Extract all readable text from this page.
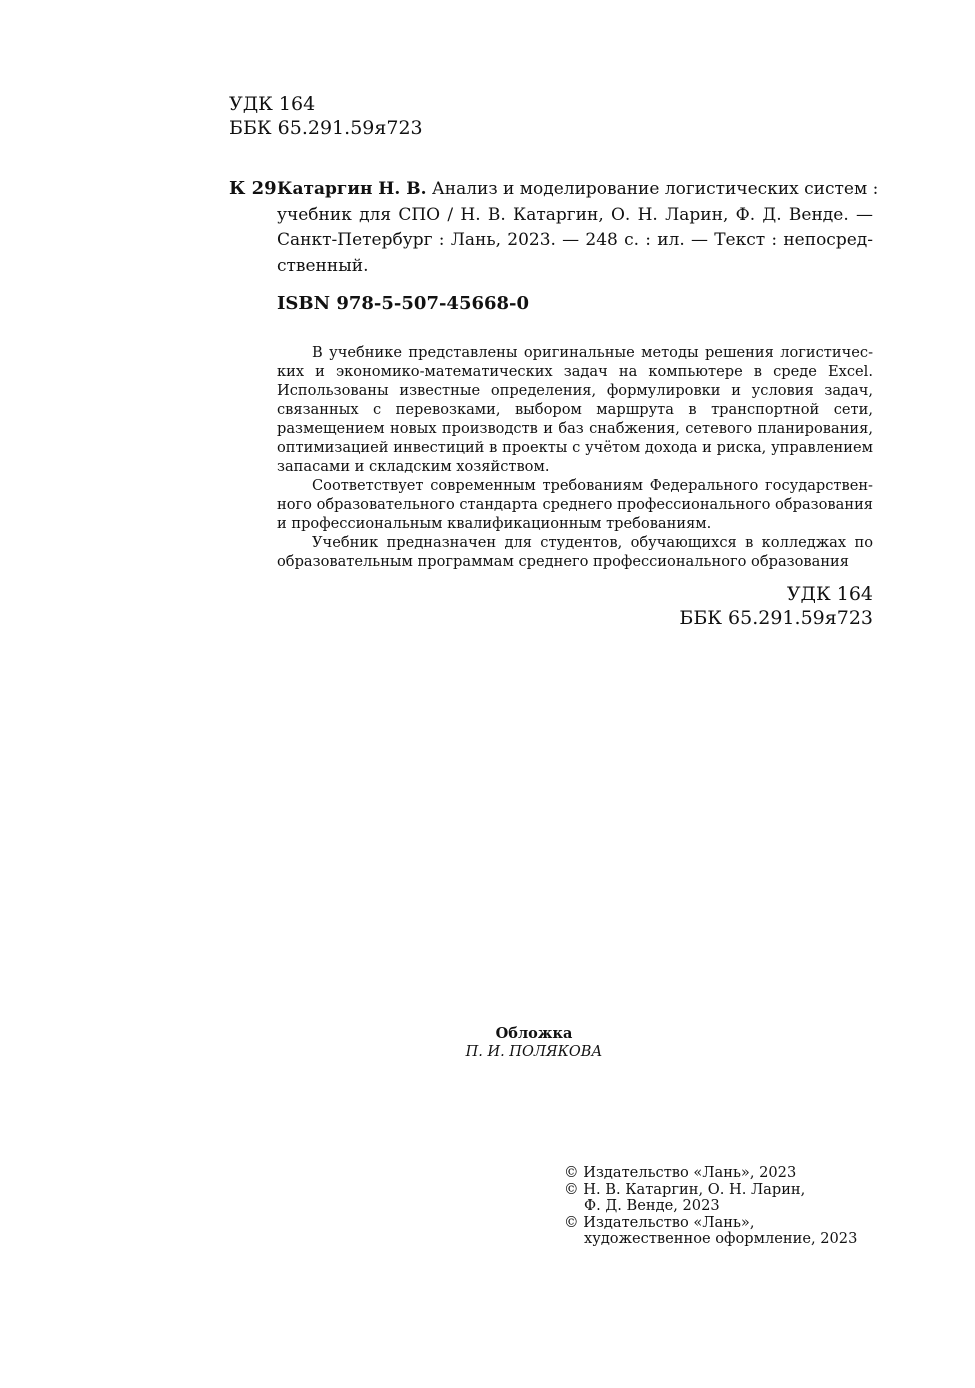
УДК 164
ББК 65.291.59я723
К 29 Катаргин Н. В. Анализ и моделирование логистических систем :
учебник для СПО / Н. В. Катаргин, О. Н. Ларин, Ф. Д. Венде. —
Санкт-Петербург : Лань, 2023. — 248 с. : ил. — Текст : непосред-
ственный.
ISBN 978-5-507-45668-0
В учебнике представлены оригинальные методы решения логистичес-
ких и экономико-математических задач на компьютере в среде Excel.
Использованы известные определения, формулировки и условия задач,
связанных с перевозками, выбором маршрута в транспортной сети,
размещением новых производств и баз снабжения, сетевого планирования,
оптимизацией инвестиций в проекты с учётом дохода и риска, управлением
запасами и складским хозяйством.
Соответствует современным требованиям Федерального государствен-
ного образовательного стандарта среднего профессионального образования
и профессиональным квалификационным требованиям.
Учебник предназначен для студентов, обучающихся в колледжах по
образовательным программам среднего профессионального образования
УДК 164
ББК 65.291.59я723
Обложка
П. И. ПОЛЯКОВА
© Издательство «Лань», 2023
© Н. В. Катаргин, О. Н. Ларин,
Ф. Д. Венде, 2023
© Издательство «Лань»,
художественное оформление, 2023
